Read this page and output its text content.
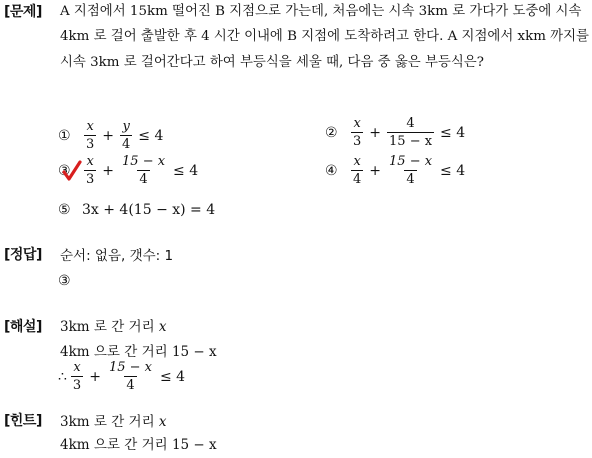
[문제] A 지점에서 15km 떨어진 B 지점으로 가는데, 처음에는 시속 3km 로 가다가 도중에 시속 4km 로 걸어 출발한 후 4 시간 이내에 B 지점에 도착하려고 한다. A 지점에서 xkm 까지를 시속 3km 로 걸어간다고 하여 부등식을 세울 때, 다음 중 옳은 부등식은?
①	$\frac{x}{3} + \frac{y}{4} \le 4$	②	$\frac{x}{3} + \frac{4}{15 - x} \le 4$
③	$\frac{x}{3} + \frac{15 - x}{4} \le 4$	④	$\frac{x}{4} + \frac{15 - x}{4} \le 4$
⑤ 3x + 4(15 − x) = 4
[정답] 순서: 없음, 갯수: 1
③
[해설] 3km 로 간 거리 x
4km 으로 간 거리 15 − x
∴ $\frac{x}{3} + \frac{15 - x}{4} \le 4$
[힌트] 3km 로 간 거리 x
4km 으로 간 거리 15 − x
